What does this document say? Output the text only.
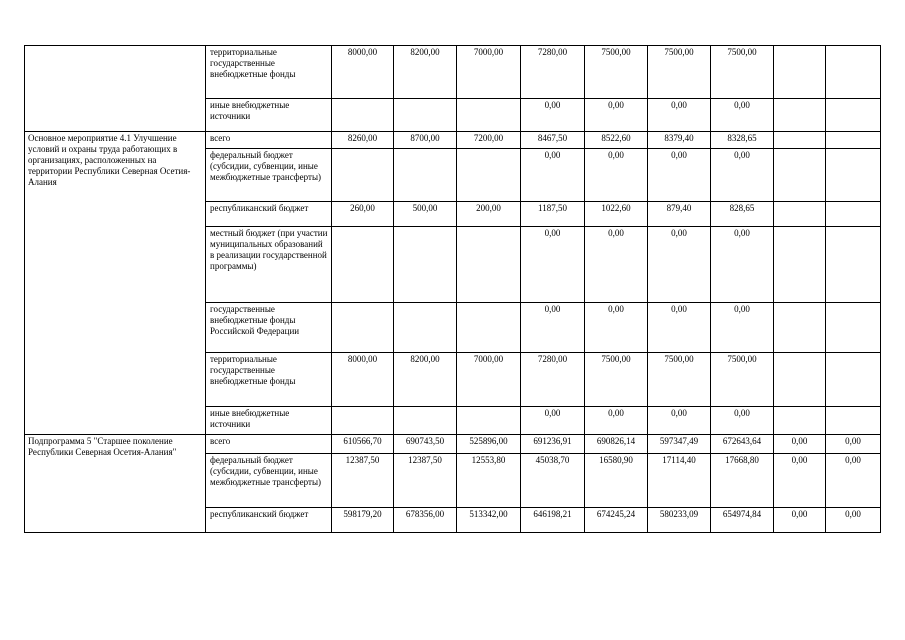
	территориальные государственные внебюджетные фонды	8000,00	8200,00	7000,00	7280,00	7500,00	7500,00	7500,00		
	иные внебюджетные источники				0,00	0,00	0,00	0,00		
Основное мероприятие 4.1 Улучшение условий и охраны труда работающих в организациях, расположенных на территории Республики Северная Осетия-Алания	всего	8260,00	8700,00	7200,00	8467,50	8522,60	8379,40	8328,65		
	федеральный бюджет (субсидии, субвенции, иные межбюджетные трансферты)				0,00	0,00	0,00	0,00		
	республиканский бюджет	260,00	500,00	200,00	1187,50	1022,60	879,40	828,65		
	местный бюджет (при участии муниципальных образований в реализации государственной программы)				0,00	0,00	0,00	0,00		
	государственные внебюджетные фонды Российской Федерации				0,00	0,00	0,00	0,00		
	территориальные государственные внебюджетные фонды	8000,00	8200,00	7000,00	7280,00	7500,00	7500,00	7500,00		
	иные внебюджетные источники				0,00	0,00	0,00	0,00		
Подпрограмма 5 "Старшее поколение Республики Северная Осетия-Алания"	всего	610566,70	690743,50	525896,00	691236,91	690826,14	597347,49	672643,64	0,00	0,00
	федеральный бюджет (субсидии, субвенции, иные межбюджетные трансферты)	12387,50	12387,50	12553,80	45038,70	16580,90	17114,40	17668,80	0,00	0,00
	республиканский бюджет	598179,20	678356,00	513342,00	646198,21	674245,24	580233,09	654974,84	0,00	0,00
